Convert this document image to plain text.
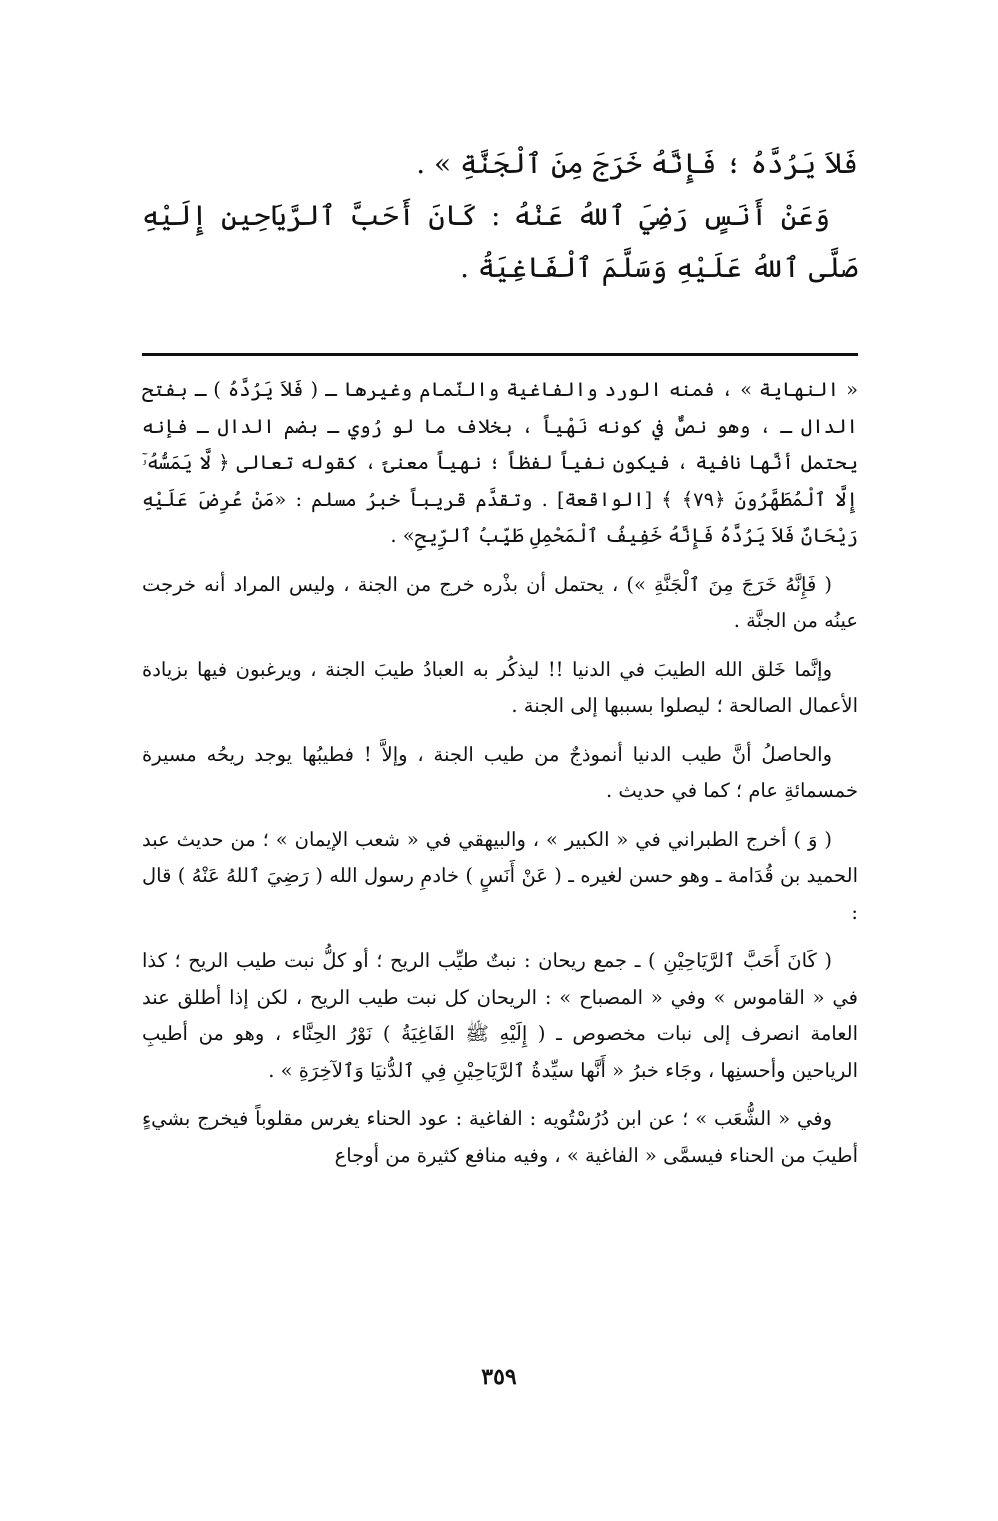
فَلاَ يَرُدَّهُ ؛ فَإِنَّهُ خَرَجَ مِنَ ٱلْجَنَّةِ » .

وَعَنْ أَنَسٍ رَضِيَ ٱللهُ عَنْهُ : كَانَ أَحَبَّ ٱلرَّيَاحِينِ إِلَيْهِ صَلَّى ٱللهُ عَلَيْهِ وَسَلَّمَ ٱلْفَاغِيَةُ .

« النهاية » ، فمنه الورد والفاغية والنّمام وغيرها ـ ( فَلاَ يَرُدَّهُ ) ـ بفتح الدال ـ ، وهو نصٌّ في كونه نَهْياً ، بخلاف ما لو رُوي ـ بضم الدال ـ فإنه يحتمل أنَّها نافية ، فيكون نفياً لفظاً ؛ نهياً معنىً ، كقوله تعالى ﴿ لَّا يَمَسُّهُۥٓ إِلَّا ٱلْمُطَهَّرُونَ ﴿٧٩﴾ ﴾ [الواقعة] . وتقدَّم قريباً خبرُ مسلم : «مَنْ عُرِضَ عَلَيْهِ رَيْحَانٌ فَلاَ يَرُدَّهُ فَإِنَّهُ خَفِيفُ ٱلْمَحْمِلِ طَيِّبُ ٱلرِّيحِ» .

( فَإِنَّهُ خَرَجَ مِنَ ٱلْجَنَّةِ ») ، يحتمل أن بذْره خرج من الجنة ، وليس المراد أنه خرجت عينُه من الجنَّة .

وإنَّما خَلق الله الطيبَ في الدنيا !! ليذكُر به العبادُ طيبَ الجنة ، ويرغبون فيها بزيادة الأعمال الصالحة ؛ ليصلوا بسببها إلى الجنة .

والحاصلُ أنَّ طيب الدنيا أنموذجٌ من طيب الجنة ، وإلاَّ ! فطيبُها يوجد ريحُه مسيرة خمسمائةِ عام ؛ كما في حديث .

( وَ ) أخرج الطبراني في « الكبير » ، والبيهقي في « شعب الإيمان » ؛ من حديث عبد الحميد بن قُدَامة ـ وهو حسن لغيره ـ ( عَنْ أَنَسٍ ) خادمِ رسول الله ( رَضِيَ ٱللهُ عَنْهُ ) قال :

( كَانَ أَحَبَّ ٱلرَّيَاحِيْنِ ) ـ جمع ريحان : نبتٌ طيِّب الريح ؛ أو كلُّ نبت طيب الريح ؛ كذا في « القاموس » وفي « المصباح » : الريحان كل نبت طيب الريح ، لكن إذا أطلق عند العامة انصرف إلى نبات مخصوص ـ ( إِلَيْهِ ﷺ الفَاغِيَةُ ) نَوْرُ الحِنَّاء ، وهو من أطيبِ الرياحين وأحسنِها ، وجَاء خبرُ « أَنَّها سيِّدةُ ٱلرَّيَاحِيْنِ فِي ٱلدُّنيَا وَٱلآخِرَةِ » .

وفي « الشُّعَب » ؛ عن ابن دُرُسْتُويه : الفاغية : عود الحناء يغرس مقلوباً فيخرج بشيءٍ أطيبَ من الحناء فيسمَّى « الفاغية » ، وفيه منافع كثيرة من أوجاع

٣٥٩
